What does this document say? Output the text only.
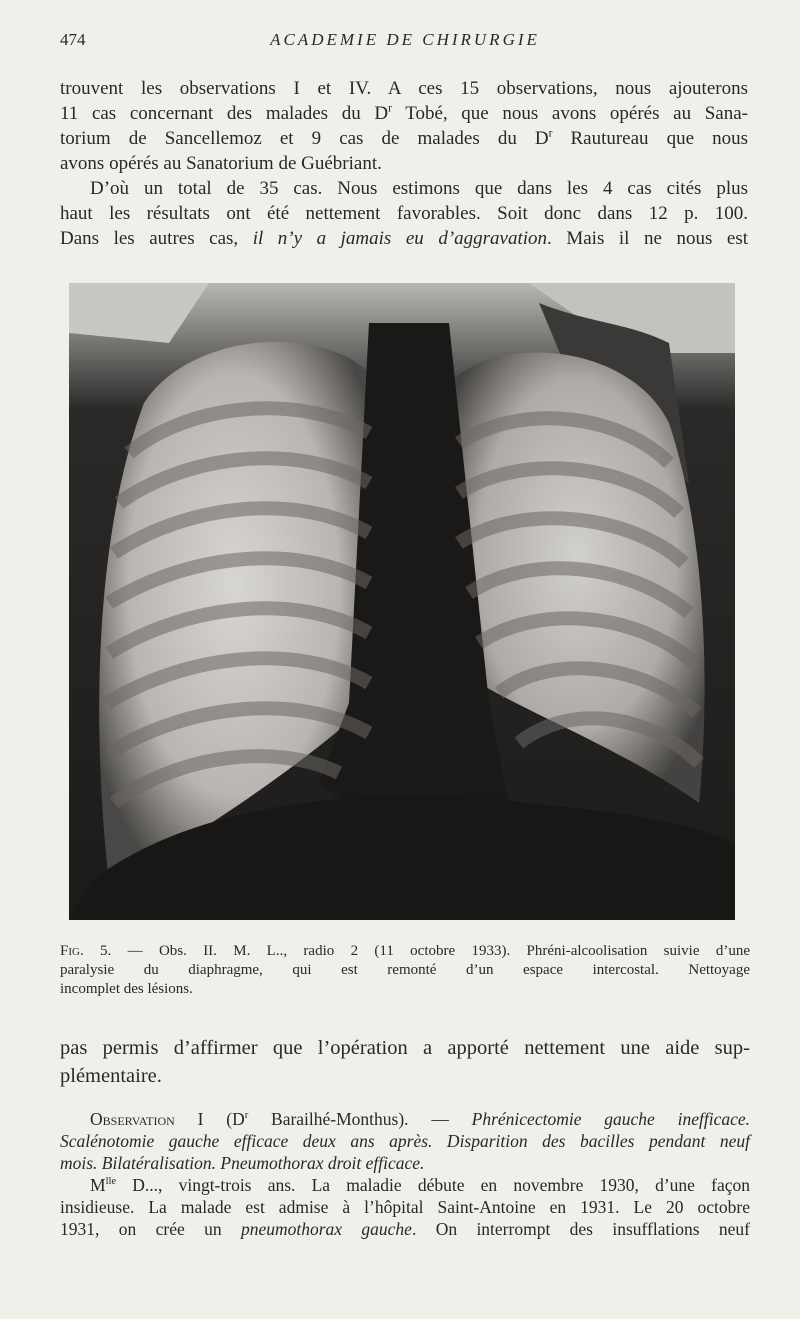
474	ACADEMIE DE CHIRURGIE

trouvent les observations I et IV. A ces 15 observations, nous ajouterons
11 cas concernant des malades du $D^r$ Tobé, que nous avons opérés au Sana-
torium de Sancellemoz et 9 cas de malades du $D^r$ Rautureau que nous
avons opérés au Sanatorium de Guébriant.
D’où un total de 35 cas. Nous estimons que dans les 4 cas cités plus
haut les résultats ont été nettement favorables. Soit donc dans 12 p. 100.
Dans les autres cas, il n’y a jamais eu d’aggravation. Mais il ne nous est

Fig. 5. — Obs. II. M. L.., radio 2 (11 octobre 1933). Phréni-alcoolisation suivie d’une
paralysie du diaphragme, qui est remonté d’un espace intercostal. Nettoyage
incomplet des lésions.

pas permis d’affirmer que l’opération a apporté nettement une aide sup-
plémentaire.

Observation I ($D^r$ Barailhé-Monthus). — Phrénicectomie gauche inefficace.
Scalénotomie gauche efficace deux ans après. Disparition des bacilles pendant neuf
mois. Bilatéralisation. Pneumothorax droit efficace.

$M^{lle}$ D..., vingt-trois ans. La maladie débute en novembre 1930, d’une façon
insidieuse. La malade est admise à l’hôpital Saint-Antoine en 1931. Le 20 octobre
1931, on crée un pneumothorax gauche. On interrompt des insufflations neuf
